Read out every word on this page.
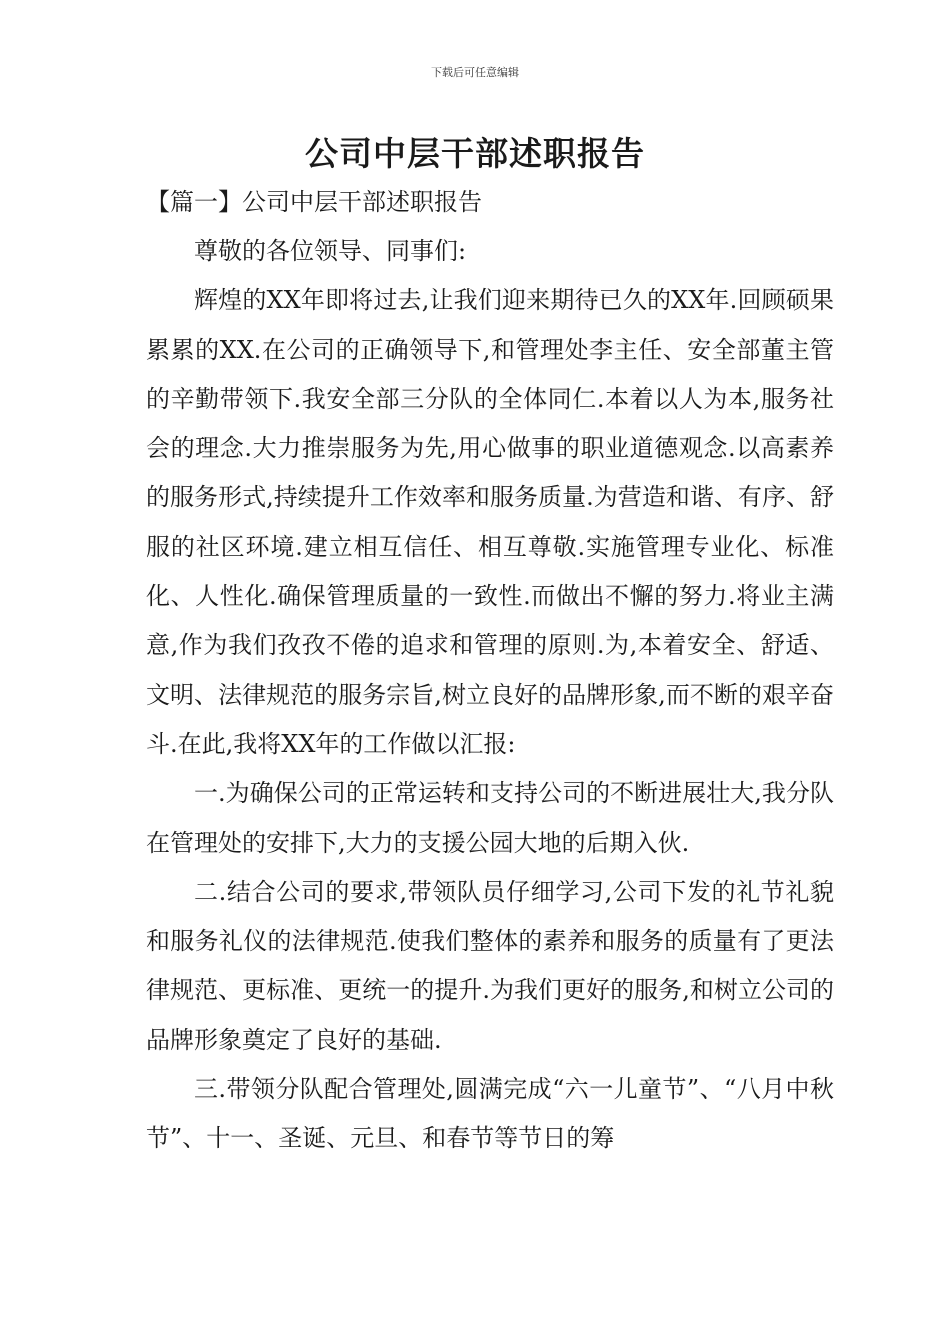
下载后可任意编辑
公司中层干部述职报告

【篇一】公司中层干部述职报告

尊敬的各位领导、同事们:

辉煌的XX年即将过去,让我们迎来期待已久的XX年.回顾硕果累累的XX.在公司的正确领导下,和管理处李主任、安全部董主管的辛勤带领下.我安全部三分队的全体同仁.本着以人为本,服务社会的理念.大力推崇服务为先,用心做事的职业道德观念.以高素养的服务形式,持续提升工作效率和服务质量.为营造和谐、有序、舒服的社区环境.建立相互信任、相互尊敬.实施管理专业化、标准化、人性化.确保管理质量的一致性.而做出不懈的努力.将业主满意,作为我们孜孜不倦的追求和管理的原则.为,本着安全、舒适、文明、法律规范的服务宗旨,树立良好的品牌形象,而不断的艰辛奋斗.在此,我将XX年的工作做以汇报:

一.为确保公司的正常运转和支持公司的不断进展壮大,我分队在管理处的安排下,大力的支援公园大地的后期入伙.

二.结合公司的要求,带领队员仔细学习,公司下发的礼节礼貌和服务礼仪的法律规范.使我们整体的素养和服务的质量有了更法律规范、更标准、更统一的提升.为我们更好的服务,和树立公司的品牌形象奠定了良好的基础.

三.带领分队配合管理处,圆满完成“六一儿童节”、“八月中秋节”、十一、圣诞、元旦、和春节等节日的筹
